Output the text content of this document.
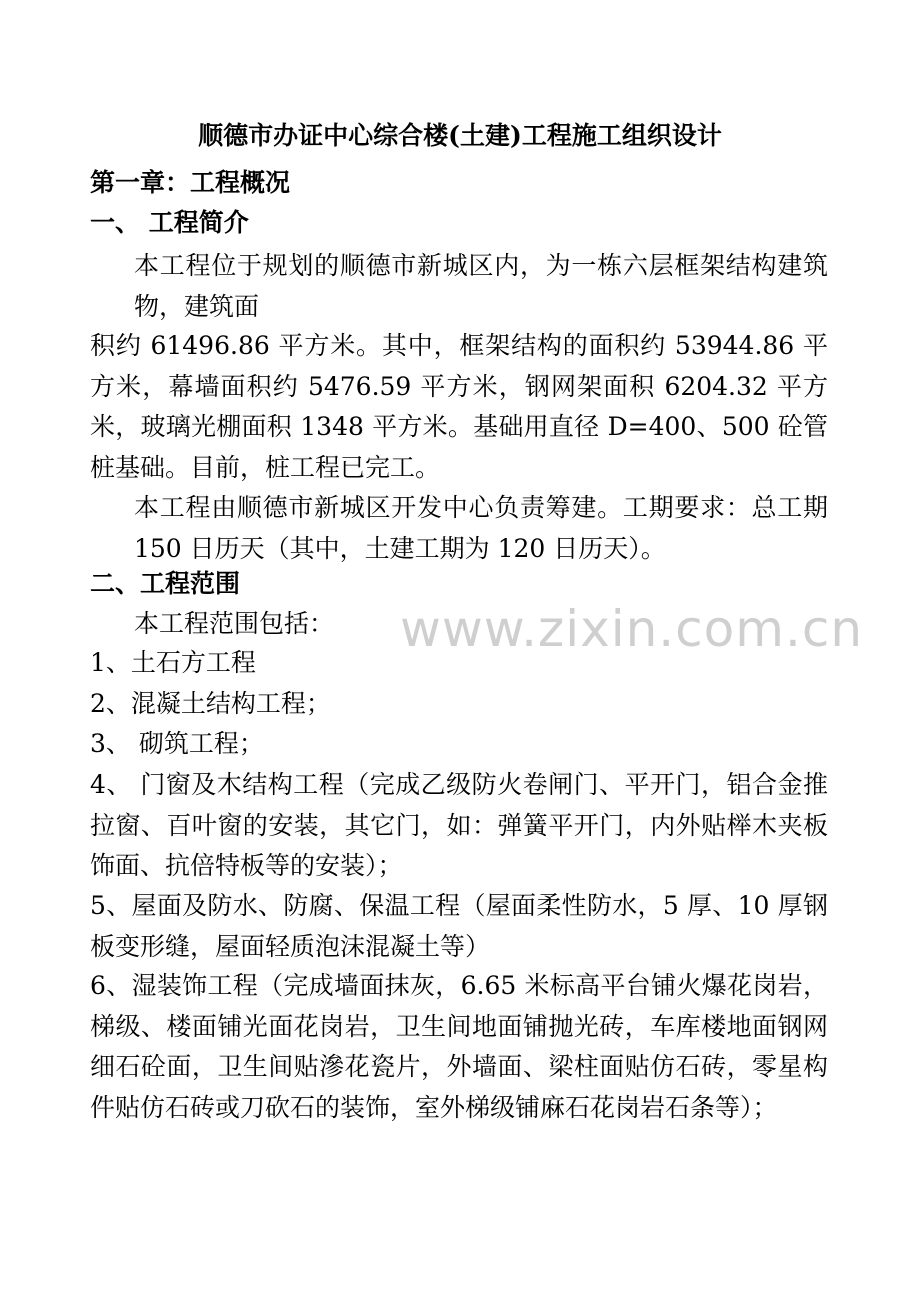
顺德市办证中心综合楼(土建)工程施工组织设计
第一章：工程概况
一、 工程简介
本工程位于规划的顺德市新城区内，为一栋六层框架结构建筑物，建筑面
积约 61496.86 平方米。其中，框架结构的面积约 53944.86 平方米，幕墙面积约 5476.59 平方米，钢网架面积 6204.32 平方米，玻璃光棚面积 1348 平方米。基础用直径 D=400、500 砼管桩基础。目前，桩工程已完工。
本工程由顺德市新城区开发中心负责筹建。工期要求：总工期 150 日历天（其中，土建工期为 120 日历天）。
二、工程范围
本工程范围包括：
1、土石方工程
2、混凝土结构工程；
3、 砌筑工程；
4、 门窗及木结构工程（完成乙级防火卷闸门、平开门，铝合金推拉窗、百叶窗的安装，其它门，如：弹簧平开门，内外贴榉木夹板饰面、抗倍特板等的安装）；
5、屋面及防水、防腐、保温工程（屋面柔性防水，5 厚、10 厚钢板变形缝，屋面轻质泡沫混凝土等）
6、湿装饰工程（完成墙面抹灰，6.65 米标高平台铺火爆花岗岩，梯级、楼面铺光面花岗岩，卫生间地面铺抛光砖，车库楼地面钢网细石砼面，卫生间贴滲花瓷片，外墙面、梁柱面贴仿石砖，零星构件贴仿石砖或刀砍石的装饰，室外梯级铺麻石花岗岩石条等）；
www.zixin.com.cn
